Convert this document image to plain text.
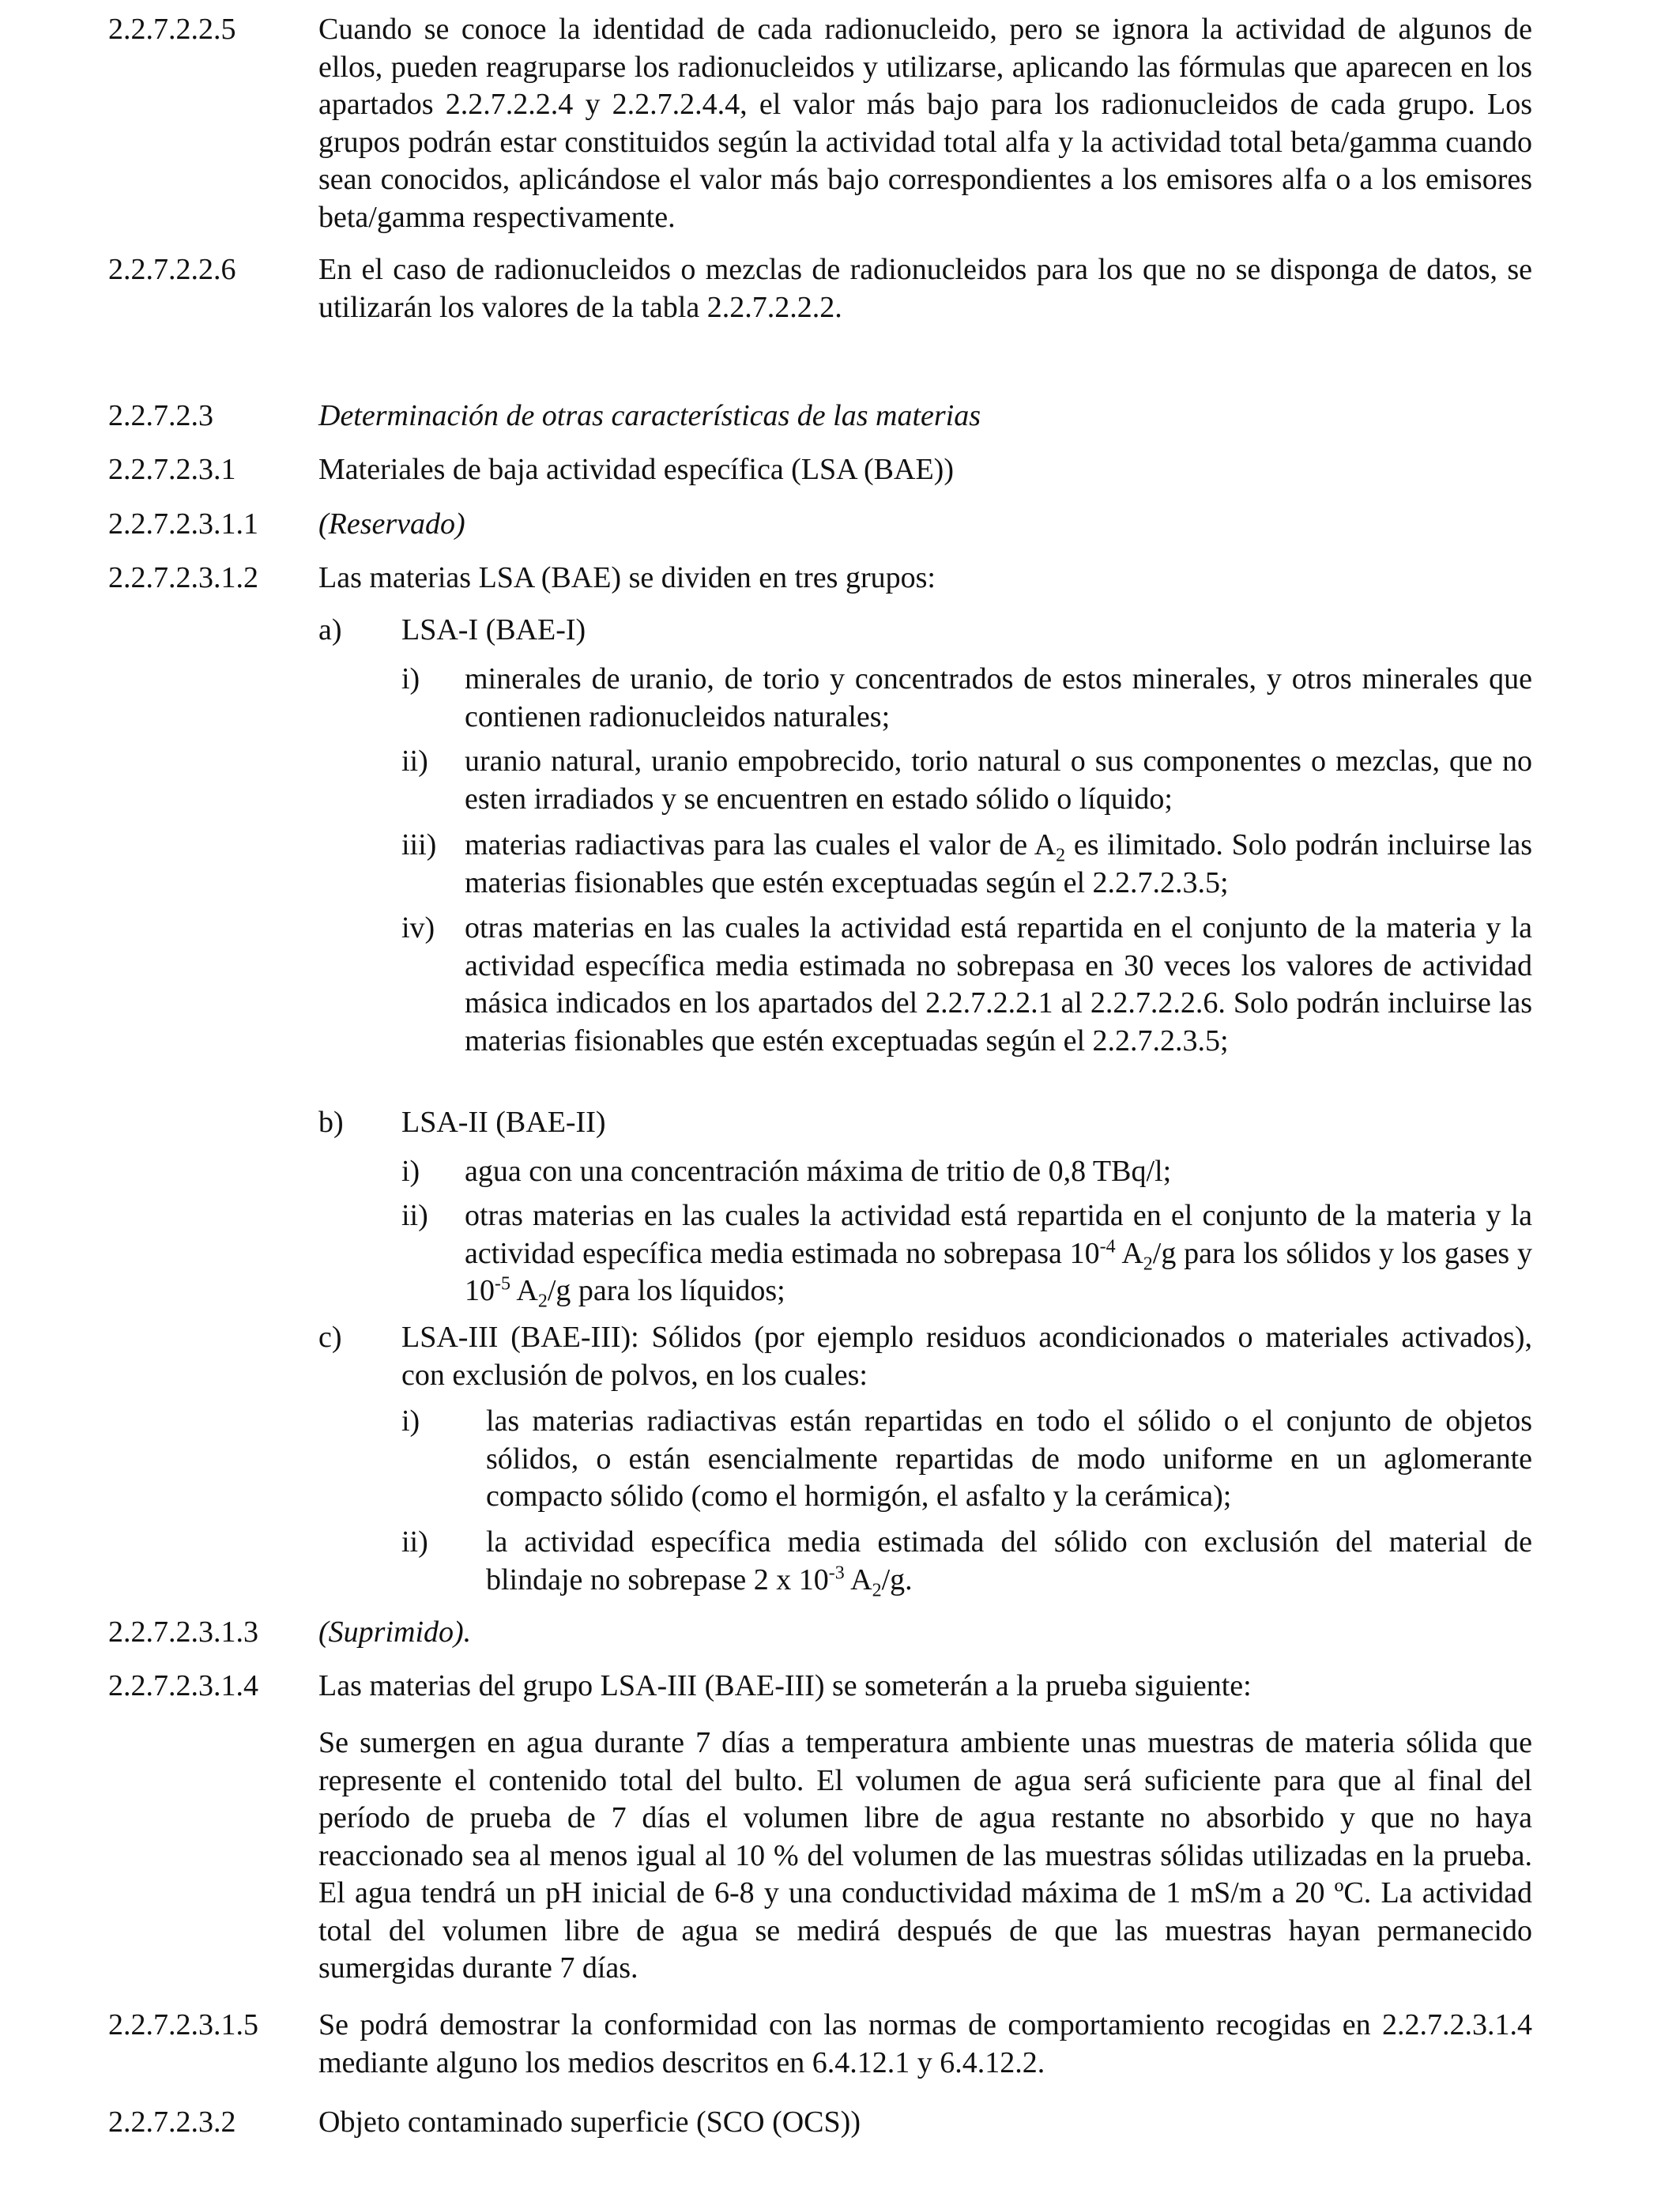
2.2.7.2.2.5	Cuando se conoce la identidad de cada radionucleido, pero se ignora la actividad de algunos de ellos, pueden reagruparse los radionucleidos y utilizarse, aplicando las fórmulas que aparecen en los apartados 2.2.7.2.2.4 y 2.2.7.2.4.4, el valor más bajo para los radionucleidos de cada grupo. Los grupos podrán estar constituidos según la actividad total alfa y la actividad total beta/gamma cuando sean conocidos, aplicándose el valor más bajo correspondientes a los emisores alfa o a los emisores beta/gamma respectivamente.
2.2.7.2.2.6	En el caso de radionucleidos o mezclas de radionucleidos para los que no se disponga de datos, se utilizarán los valores de la tabla 2.2.7.2.2.2.
2.2.7.2.3	Determinación de otras características de las materias
2.2.7.2.3.1	Materiales de baja actividad específica (LSA (BAE))
2.2.7.2.3.1.1 (Reservado)
2.2.7.2.3.1.2 Las materias LSA (BAE) se dividen en tres grupos:
a) LSA-I (BAE-I)
i) minerales de uranio, de torio y concentrados de estos minerales, y otros minerales que contienen radionucleidos naturales;
ii) uranio natural, uranio empobrecido, torio natural o sus componentes o mezclas, que no esten irradiados y se encuentren en estado sólido o líquido;
iii) materias radiactivas para las cuales el valor de $A_2$ es ilimitado. Solo podrán incluirse las materias fisionables que estén exceptuadas según el 2.2.7.2.3.5;
iv) otras materias en las cuales la actividad está repartida en el conjunto de la materia y la actividad específica media estimada no sobrepasa en 30 veces los valores de actividad másica indicados en los apartados del 2.2.7.2.2.1 al 2.2.7.2.2.6. Solo podrán incluirse las materias fisionables que estén exceptuadas según el 2.2.7.2.3.5;
b) LSA-II (BAE-II)
i) agua con una concentración máxima de tritio de 0,8 TBq/l;
ii) otras materias en las cuales la actividad está repartida en el conjunto de la materia y la actividad específica media estimada no sobrepasa $10^{-4}$ $A_2/g$ para los sólidos y los gases y $10^{-5}$ $A_2/g$ para los líquidos;
c) LSA-III (BAE-III): Sólidos (por ejemplo residuos acondicionados o materiales activados), con exclusión de polvos, en los cuales:
i) las materias radiactivas están repartidas en todo el sólido o el conjunto de objetos sólidos, o están esencialmente repartidas de modo uniforme en un aglomerante compacto sólido (como el hormigón, el asfalto y la cerámica);
ii) la actividad específica media estimada del sólido con exclusión del material de blindaje no sobrepase 2 x $10^{-3}$ $A_2/g$.
2.2.7.2.3.1.3 (Suprimido).
2.2.7.2.3.1.4 Las materias del grupo LSA-III (BAE-III) se someterán a la prueba siguiente:
Se sumergen en agua durante 7 días a temperatura ambiente unas muestras de materia sólida que represente el contenido total del bulto. El volumen de agua será suficiente para que al final del período de prueba de 7 días el volumen libre de agua restante no absorbido y que no haya reaccionado sea al menos igual al 10 % del volumen de las muestras sólidas utilizadas en la prueba. El agua tendrá un pH inicial de 6-8 y una conductividad máxima de 1 mS/m a 20 ºC. La actividad total del volumen libre de agua se medirá después de que las muestras hayan permanecido sumergidas durante 7 días.
2.2.7.2.3.1.5 Se podrá demostrar la conformidad con las normas de comportamiento recogidas en 2.2.7.2.3.1.4 mediante alguno los medios descritos en 6.4.12.1 y 6.4.12.2.
2.2.7.2.3.2	Objeto contaminado superficie (SCO (OCS))
